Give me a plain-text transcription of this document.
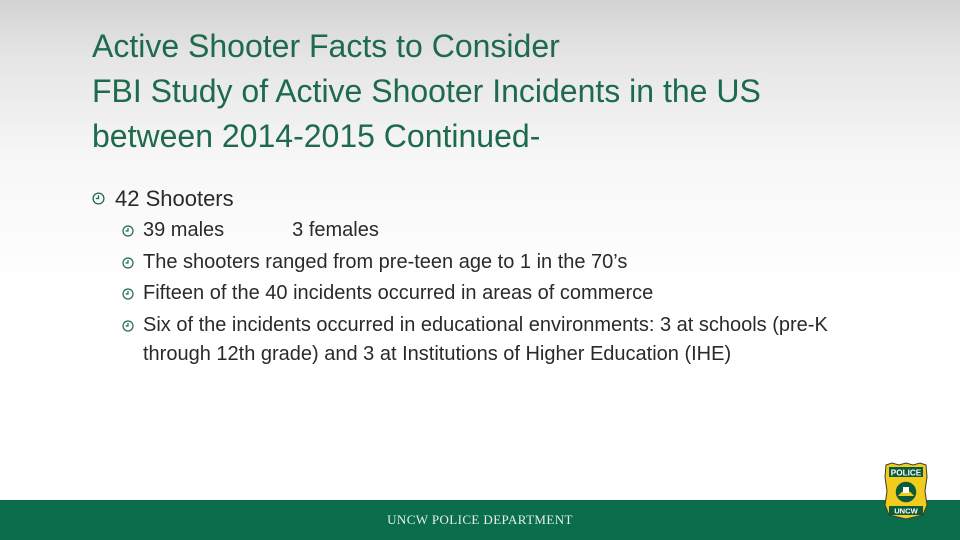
Active Shooter Facts to Consider
FBI Study of Active Shooter Incidents in the US
between 2014-2015 Continued-
42 Shooters
39 males	3 females
The shooters ranged from pre-teen age to 1 in the 70’s
Fifteen of the 40 incidents occurred in areas of commerce
Six of the incidents occurred in educational environments: 3 at schools (pre-K through 12th grade) and 3 at Institutions of Higher Education (IHE)
UNCW POLICE DEPARTMENT
POLICE
UNCW
